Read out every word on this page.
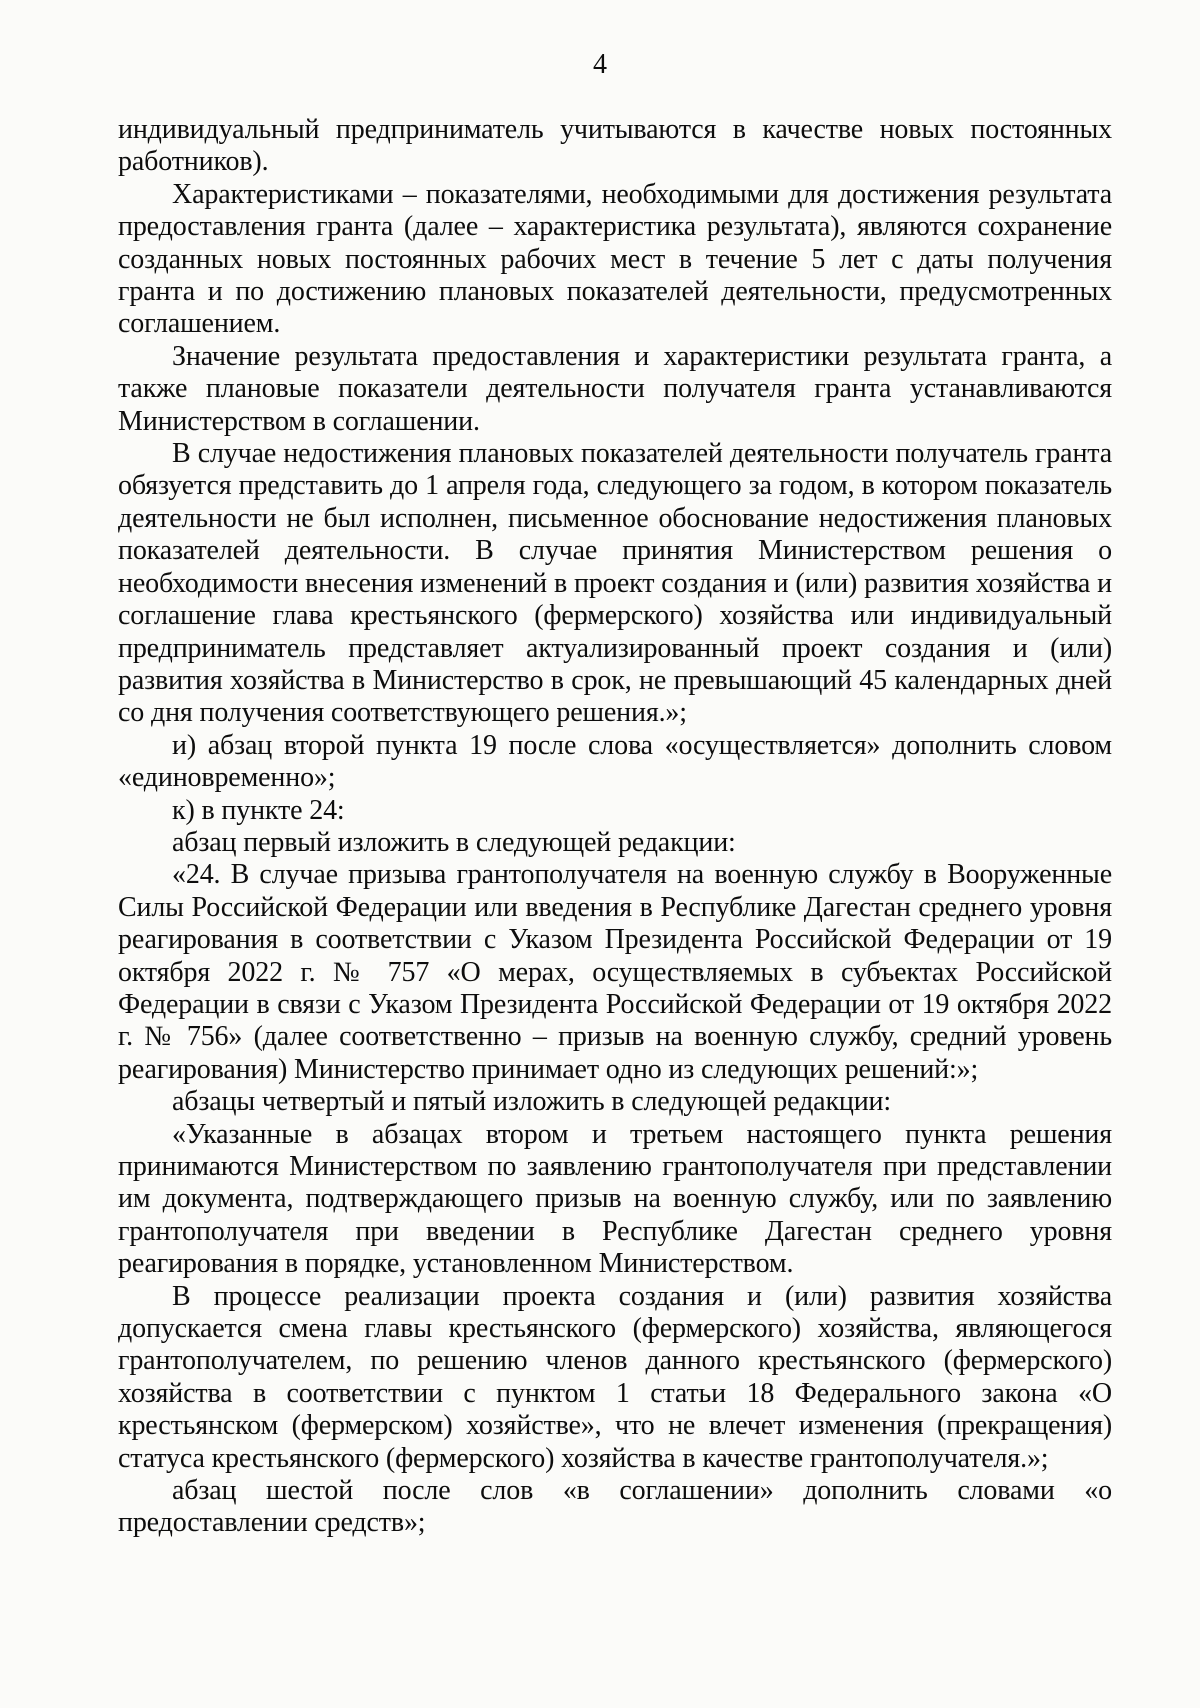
4

индивидуальный предприниматель учитываются в качестве новых постоянных работников).

Характеристиками – показателями, необходимыми для достижения результата предоставления гранта (далее – характеристика результата), являются сохранение созданных новых постоянных рабочих мест в течение 5 лет с даты получения гранта и по достижению плановых показателей деятельности, предусмотренных соглашением.

Значение результата предоставления и характеристики результата гранта, а также плановые показатели деятельности получателя гранта устанавливаются Министерством в соглашении.

В случае недостижения плановых показателей деятельности получатель гранта обязуется представить до 1 апреля года, следующего за годом, в котором показатель деятельности не был исполнен, письменное обоснование недостижения плановых показателей деятельности. В случае принятия Министерством решения о необходимости внесения изменений в проект создания и (или) развития хозяйства и соглашение глава крестьянского (фермерского) хозяйства или индивидуальный предприниматель представляет актуализированный проект создания и (или) развития хозяйства в Министерство в срок, не превышающий 45 календарных дней со дня получения соответствующего решения.»;

и) абзац второй пункта 19 после слова «осуществляется» дополнить словом «единовременно»;

к) в пункте 24:

абзац первый изложить в следующей редакции:

«24. В случае призыва грантополучателя на военную службу в Вооруженные Силы Российской Федерации или введения в Республике Дагестан среднего уровня реагирования в соответствии с Указом Президента Российской Федерации от 19 октября 2022 г. № 757 «О мерах, осуществляемых в субъектах Российской Федерации в связи с Указом Президента Российской Федерации от 19 октября 2022 г. № 756» (далее соответственно – призыв на военную службу, средний уровень реагирования) Министерство принимает одно из следующих решений:»;

абзацы четвертый и пятый изложить в следующей редакции:

«Указанные в абзацах втором и третьем настоящего пункта решения принимаются Министерством по заявлению грантополучателя при представлении им документа, подтверждающего призыв на военную службу, или по заявлению грантополучателя при введении в Республике Дагестан среднего уровня реагирования в порядке, установленном Министерством.

В процессе реализации проекта создания и (или) развития хозяйства допускается смена главы крестьянского (фермерского) хозяйства, являющегося грантополучателем, по решению членов данного крестьянского (фермерского) хозяйства в соответствии с пунктом 1 статьи 18 Федерального закона «О крестьянском (фермерском) хозяйстве», что не влечет изменения (прекращения) статуса крестьянского (фермерского) хозяйства в качестве грантополучателя.»;

абзац шестой после слов «в соглашении» дополнить словами «о предоставлении средств»;
